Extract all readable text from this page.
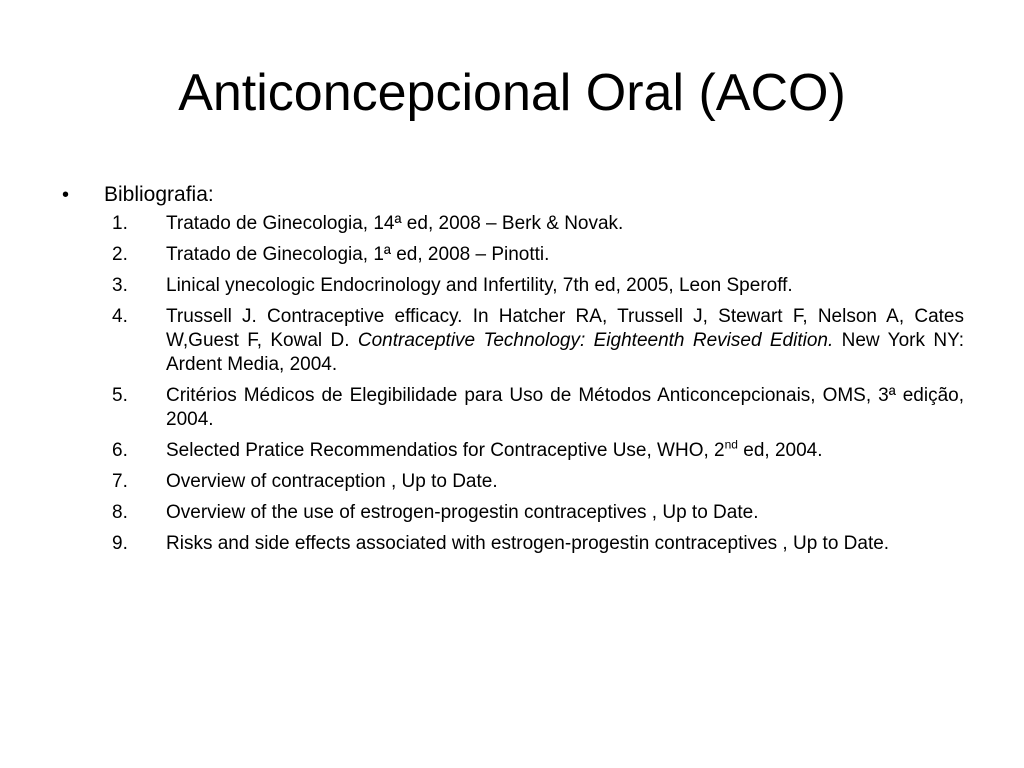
Anticoncepcional Oral (ACO)
•	Bibliografia:
1.	Tratado de Ginecologia, 14ª ed, 2008 – Berk & Novak.
2.	Tratado de Ginecologia, 1ª ed, 2008 – Pinotti.
3.	Linical ynecologic Endocrinology and Infertility, 7th ed, 2005, Leon Speroff.
4.	Trussell J. Contraceptive efficacy. In Hatcher RA, Trussell J, Stewart F, Nelson A, Cates W,Guest F, Kowal D. Contraceptive Technology: Eighteenth Revised Edition. New York NY: Ardent Media, 2004.
5.	Critérios Médicos de Elegibilidade para Uso de Métodos Anticoncepcionais, OMS, 3ª edição, 2004.
6.	Selected Pratice Recommendatios for Contraceptive Use, WHO, 2nd ed, 2004.
7.	Overview of contraception , Up to Date.
8.	Overview of the use of estrogen-progestin contraceptives , Up to Date.
9.	Risks and side effects associated with estrogen-progestin contraceptives , Up to Date.
